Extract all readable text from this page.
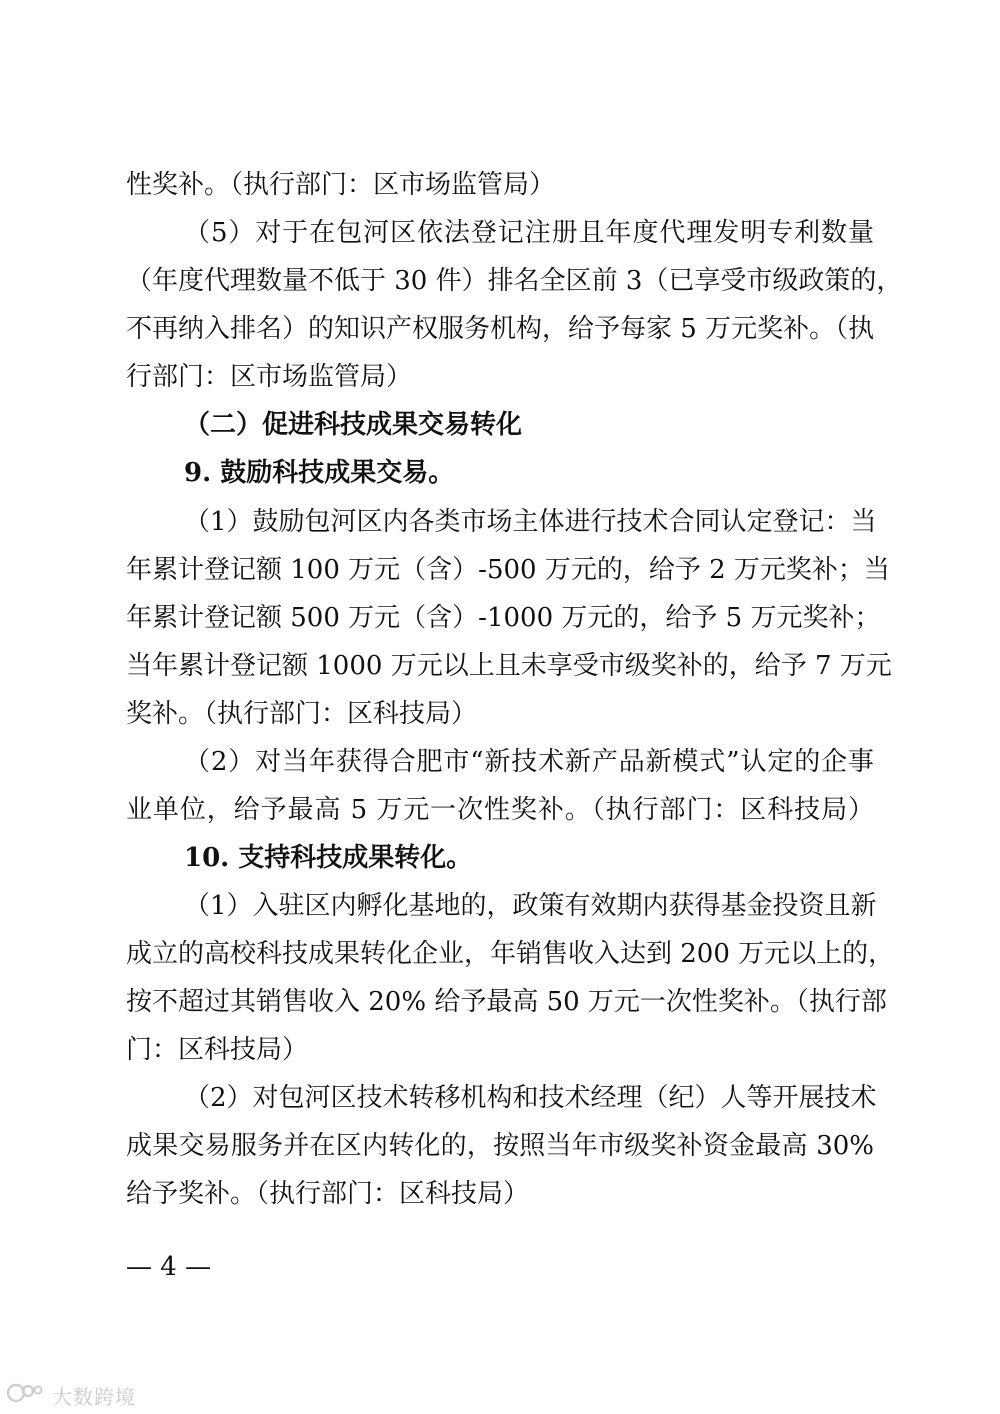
性奖补。（执行部门：区市场监管局）
（5）对于在包河区依法登记注册且年度代理发明专利数量
（年度代理数量不低于 30 件）排名全区前 3（已享受市级政策的，
不再纳入排名）的知识产权服务机构，给予每家 5 万元奖补。（执
行部门：区市场监管局）
（二）促进科技成果交易转化
9. 鼓励科技成果交易。
（1）鼓励包河区内各类市场主体进行技术合同认定登记：当
年累计登记额 100 万元（含）-500 万元的，给予 2 万元奖补；当
年累计登记额 500 万元（含）-1000 万元的，给予 5 万元奖补；
当年累计登记额 1000 万元以上且未享受市级奖补的，给予 7 万元
奖补。（执行部门：区科技局）
（2）对当年获得合肥市“新技术新产品新模式”认定的企事
业单位，给予最高 5 万元一次性奖补。（执行部门：区科技局）
10. 支持科技成果转化。
（1）入驻区内孵化基地的，政策有效期内获得基金投资且新
成立的高校科技成果转化企业，年销售收入达到 200 万元以上的，
按不超过其销售收入 20% 给予最高 50 万元一次性奖补。（执行部
门：区科技局）
（2）对包河区技术转移机构和技术经理（纪）人等开展技术
成果交易服务并在区内转化的，按照当年市级奖补资金最高 30%
给予奖补。（执行部门：区科技局）
— 4 —
大数跨境
